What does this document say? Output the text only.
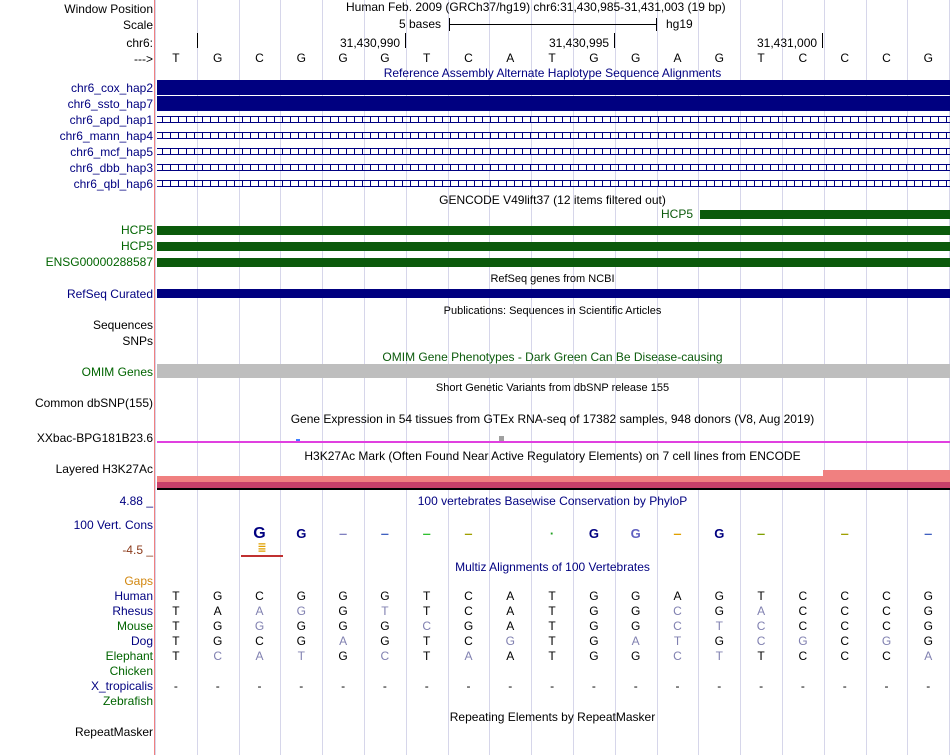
Window Position
Scale
chr6:
--->
Human Feb. 2009 (GRCh37/hg19) chr6:31,430,985-31,431,003 (19 bp)
5 bases	hg19
31,430,990	31,430,995	31,431,000
T	G	C	G	G	G	T	C	A	T	G	G	A	G	T	C	C	C	G
Reference Assembly Alternate Haplotype Sequence Alignments
chr6_cox_hap2
chr6_ssto_hap7
chr6_apd_hap1
chr6_mann_hap4
chr6_mcf_hap5
chr6_dbb_hap3
chr6_qbl_hap6
GENCODE V49lift37 (12 items filtered out)
HCP5
HCP5
HCP5
ENSG00000288587
RefSeq genes from NCBI
RefSeq Curated
Publications: Sequences in Scientific Articles
Sequences
SNPs
OMIM Gene Phenotypes - Dark Green Can Be Disease-causing
OMIM Genes
Short Genetic Variants from dbSNP release 155
Common dbSNP(155)
Gene Expression in 54 tissues from GTEx RNA-seq of 17382 samples, 948 donors (V8, Aug 2019)
XXbac-BPG181B23.6
H3K27Ac Mark (Often Found Near Active Regulatory Elements) on 7 cell lines from ENCODE
Layered H3K27Ac
4.88 _	100 vertebrates Basewise Conservation by PhyloP
100 Vert. Cons
-4.5 _
G	G	‒	‒	‒	‒	·	G	G	‒	G	‒	‒	‒
≣
Multiz Alignments of 100 Vertebrates
Gaps
Human	T	G	C	G	G	G	T	C	A	T	G	G	A	G	T	C	C	C	G
Rhesus	T	A	A	G	G	T	T	C	A	T	G	G	C	G	A	C	C	C	G
Mouse	T	G	G	G	G	G	C	G	A	T	G	G	C	T	C	C	C	C	G
Dog	T	G	C	G	A	G	T	C	G	T	G	A	T	G	C	G	C	G	G
Elephant	T	C	A	T	G	C	T	A	A	T	G	G	C	T	T	C	C	C	A
Chicken
X_tropicalis	-	-	-	-	-	-	-	-	-	-	-	-	-	-	-	-	-	-	-
Zebrafish
Repeating Elements by RepeatMasker
RepeatMasker
